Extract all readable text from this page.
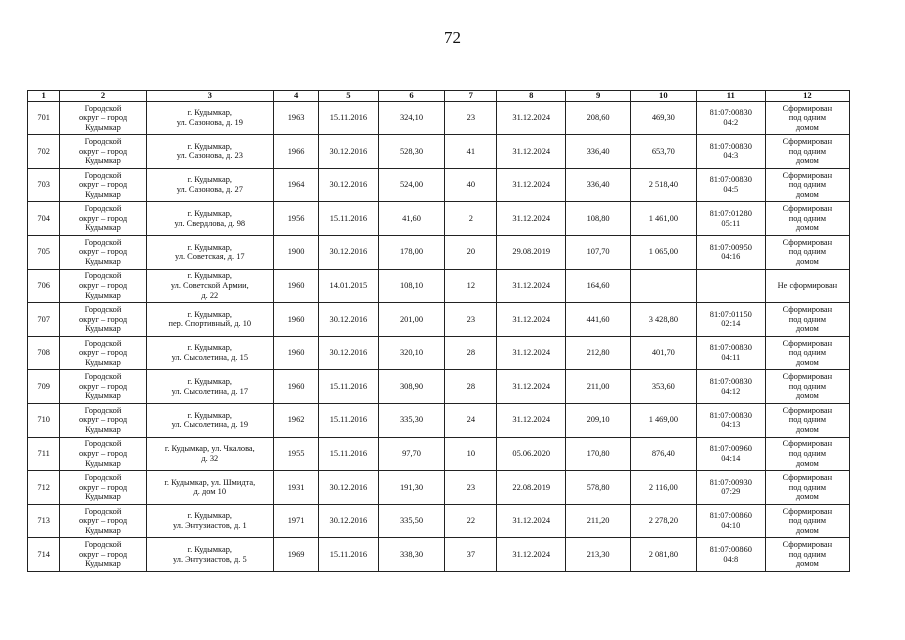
72
1	2	3	4	5	6	7	8	9	10	11	12
701	Городской
округ – город
Кудымкар	г. Кудымкар,
ул. Сазонова, д. 19	1963	15.11.2016	324,10	23	31.12.2024	208,60	469,30	81:07:00830
04:2	Сформирован
под одним
домом

702	Городской
округ – город
Кудымкар	г. Кудымкар,
ул. Сазонова, д. 23	1966	30.12.2016	528,30	41	31.12.2024	336,40	653,70	81:07:00830
04:3	Сформирован
под одним
домом

703	Городской
округ – город
Кудымкар	г. Кудымкар,
ул. Сазонова, д. 27	1964	30.12.2016	524,00	40	31.12.2024	336,40	2 518,40	81:07:00830
04:5	Сформирован
под одним
домом

704	Городской
округ – город
Кудымкар	г. Кудымкар,
ул. Свердлова, д. 98	1956	15.11.2016	41,60	2	31.12.2024	108,80	1 461,00	81:07:01280
05:11	Сформирован
под одним
домом

705	Городской
округ – город
Кудымкар	г. Кудымкар,
ул. Советская, д. 17	1900	30.12.2016	178,00	20	29.08.2019	107,70	1 065,00	81:07:00950
04:16	Сформирован
под одним
домом

706	Городской
округ – город
Кудымкар	г. Кудымкар,
ул. Советской Армии,
д. 22	1960	14.01.2015	108,10	12	31.12.2024	164,60			Не сформирован

707	Городской
округ – город
Кудымкар	г. Кудымкар,
пер. Спортивный, д. 10	1960	30.12.2016	201,00	23	31.12.2024	441,60	3 428,80	81:07:01150
02:14	Сформирован
под одним
домом

708	Городской
округ – город
Кудымкар	г. Кудымкар,
ул. Сысолетина, д. 15	1960	30.12.2016	320,10	28	31.12.2024	212,80	401,70	81:07:00830
04:11	Сформирован
под одним
домом

709	Городской
округ – город
Кудымкар	г. Кудымкар,
ул. Сысолетина, д. 17	1960	15.11.2016	308,90	28	31.12.2024	211,00	353,60	81:07:00830
04:12	Сформирован
под одним
домом

710	Городской
округ – город
Кудымкар	г. Кудымкар,
ул. Сысолетина, д. 19	1962	15.11.2016	335,30	24	31.12.2024	209,10	1 469,00	81:07:00830
04:13	Сформирован
под одним
домом

711	Городской
округ – город
Кудымкар	г. Кудымкар, ул. Чкалова,
д. 32	1955	15.11.2016	97,70	10	05.06.2020	170,80	876,40	81:07:00960
04:14	Сформирован
под одним
домом

712	Городской
округ – город
Кудымкар	г. Кудымкар, ул. Шмидта,
д. дом 10	1931	30.12.2016	191,30	23	22.08.2019	578,80	2 116,00	81:07:00930
07:29	Сформирован
под одним
домом

713	Городской
округ – город
Кудымкар	г. Кудымкар,
ул. Энтузиастов, д. 1	1971	30.12.2016	335,50	22	31.12.2024	211,20	2 278,20	81:07:00860
04:10	Сформирован
под одним
домом

714	Городской
округ – город
Кудымкар	г. Кудымкар,
ул. Энтузиастов, д. 5	1969	15.11.2016	338,30	37	31.12.2024	213,30	2 081,80	81:07:00860
04:8	Сформирован
под одним
домом
